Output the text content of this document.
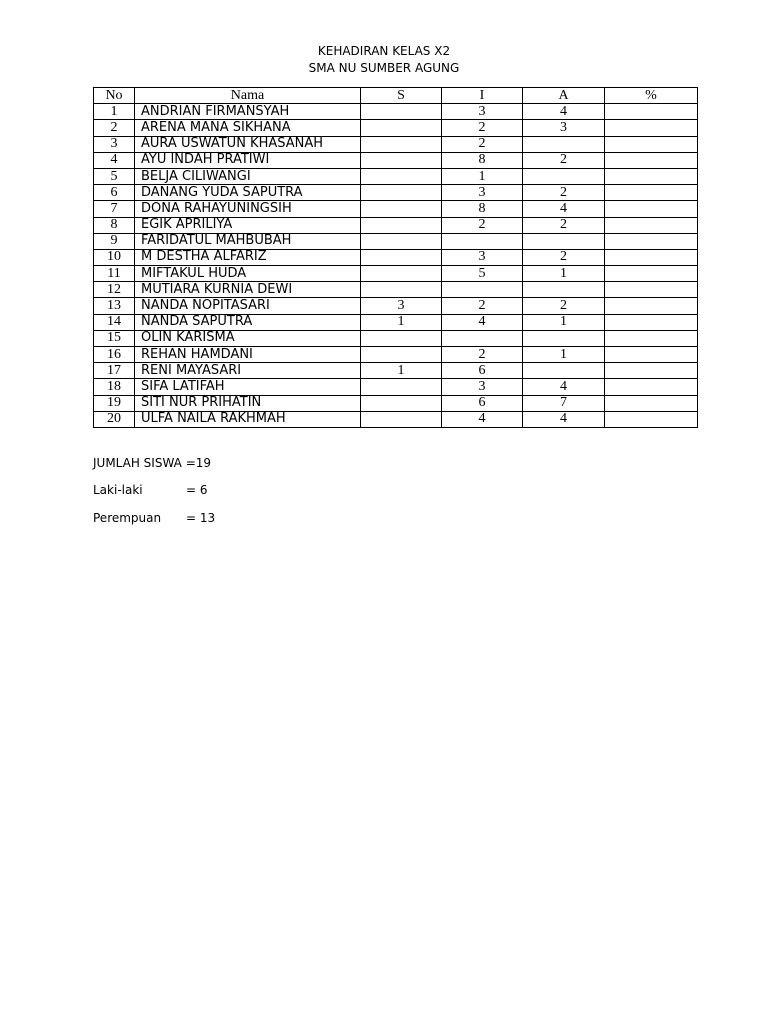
KEHADIRAN KELAS X2
SMA NU SUMBER AGUNG
No	Nama	S	I	A	%
1	ANDRIAN FIRMANSYAH		3	4	
2	ARENA MANA SIKHANA		2	3	
3	AURA USWATUN KHASANAH		2		
4	AYU INDAH PRATIWI		8	2	
5	BELJA CILIWANGI		1		
6	DANANG YUDA SAPUTRA		3	2	
7	DONA RAHAYUNINGSIH		8	4	
8	EGIK APRILIYA		2	2	
9	FARIDATUL MAHBUBAH				
10	M DESTHA ALFARIZ		3	2	
11	MIFTAKUL HUDA		5	1	
12	MUTIARA KURNIA DEWI				
13	NANDA NOPITASARI	3	2	2	
14	NANDA SAPUTRA	1	4	1	
15	OLIN KARISMA				
16	REHAN HAMDANI		2	1	
17	RENI MAYASARI	1	6		
18	SIFA LATIFAH		3	4	
19	SITI NUR PRIHATIN		6	7	
20	ULFA NAILA RAKHMAH		4	4	
JUMLAH SISWA =19
Laki-laki	= 6
Perempuan = 13
